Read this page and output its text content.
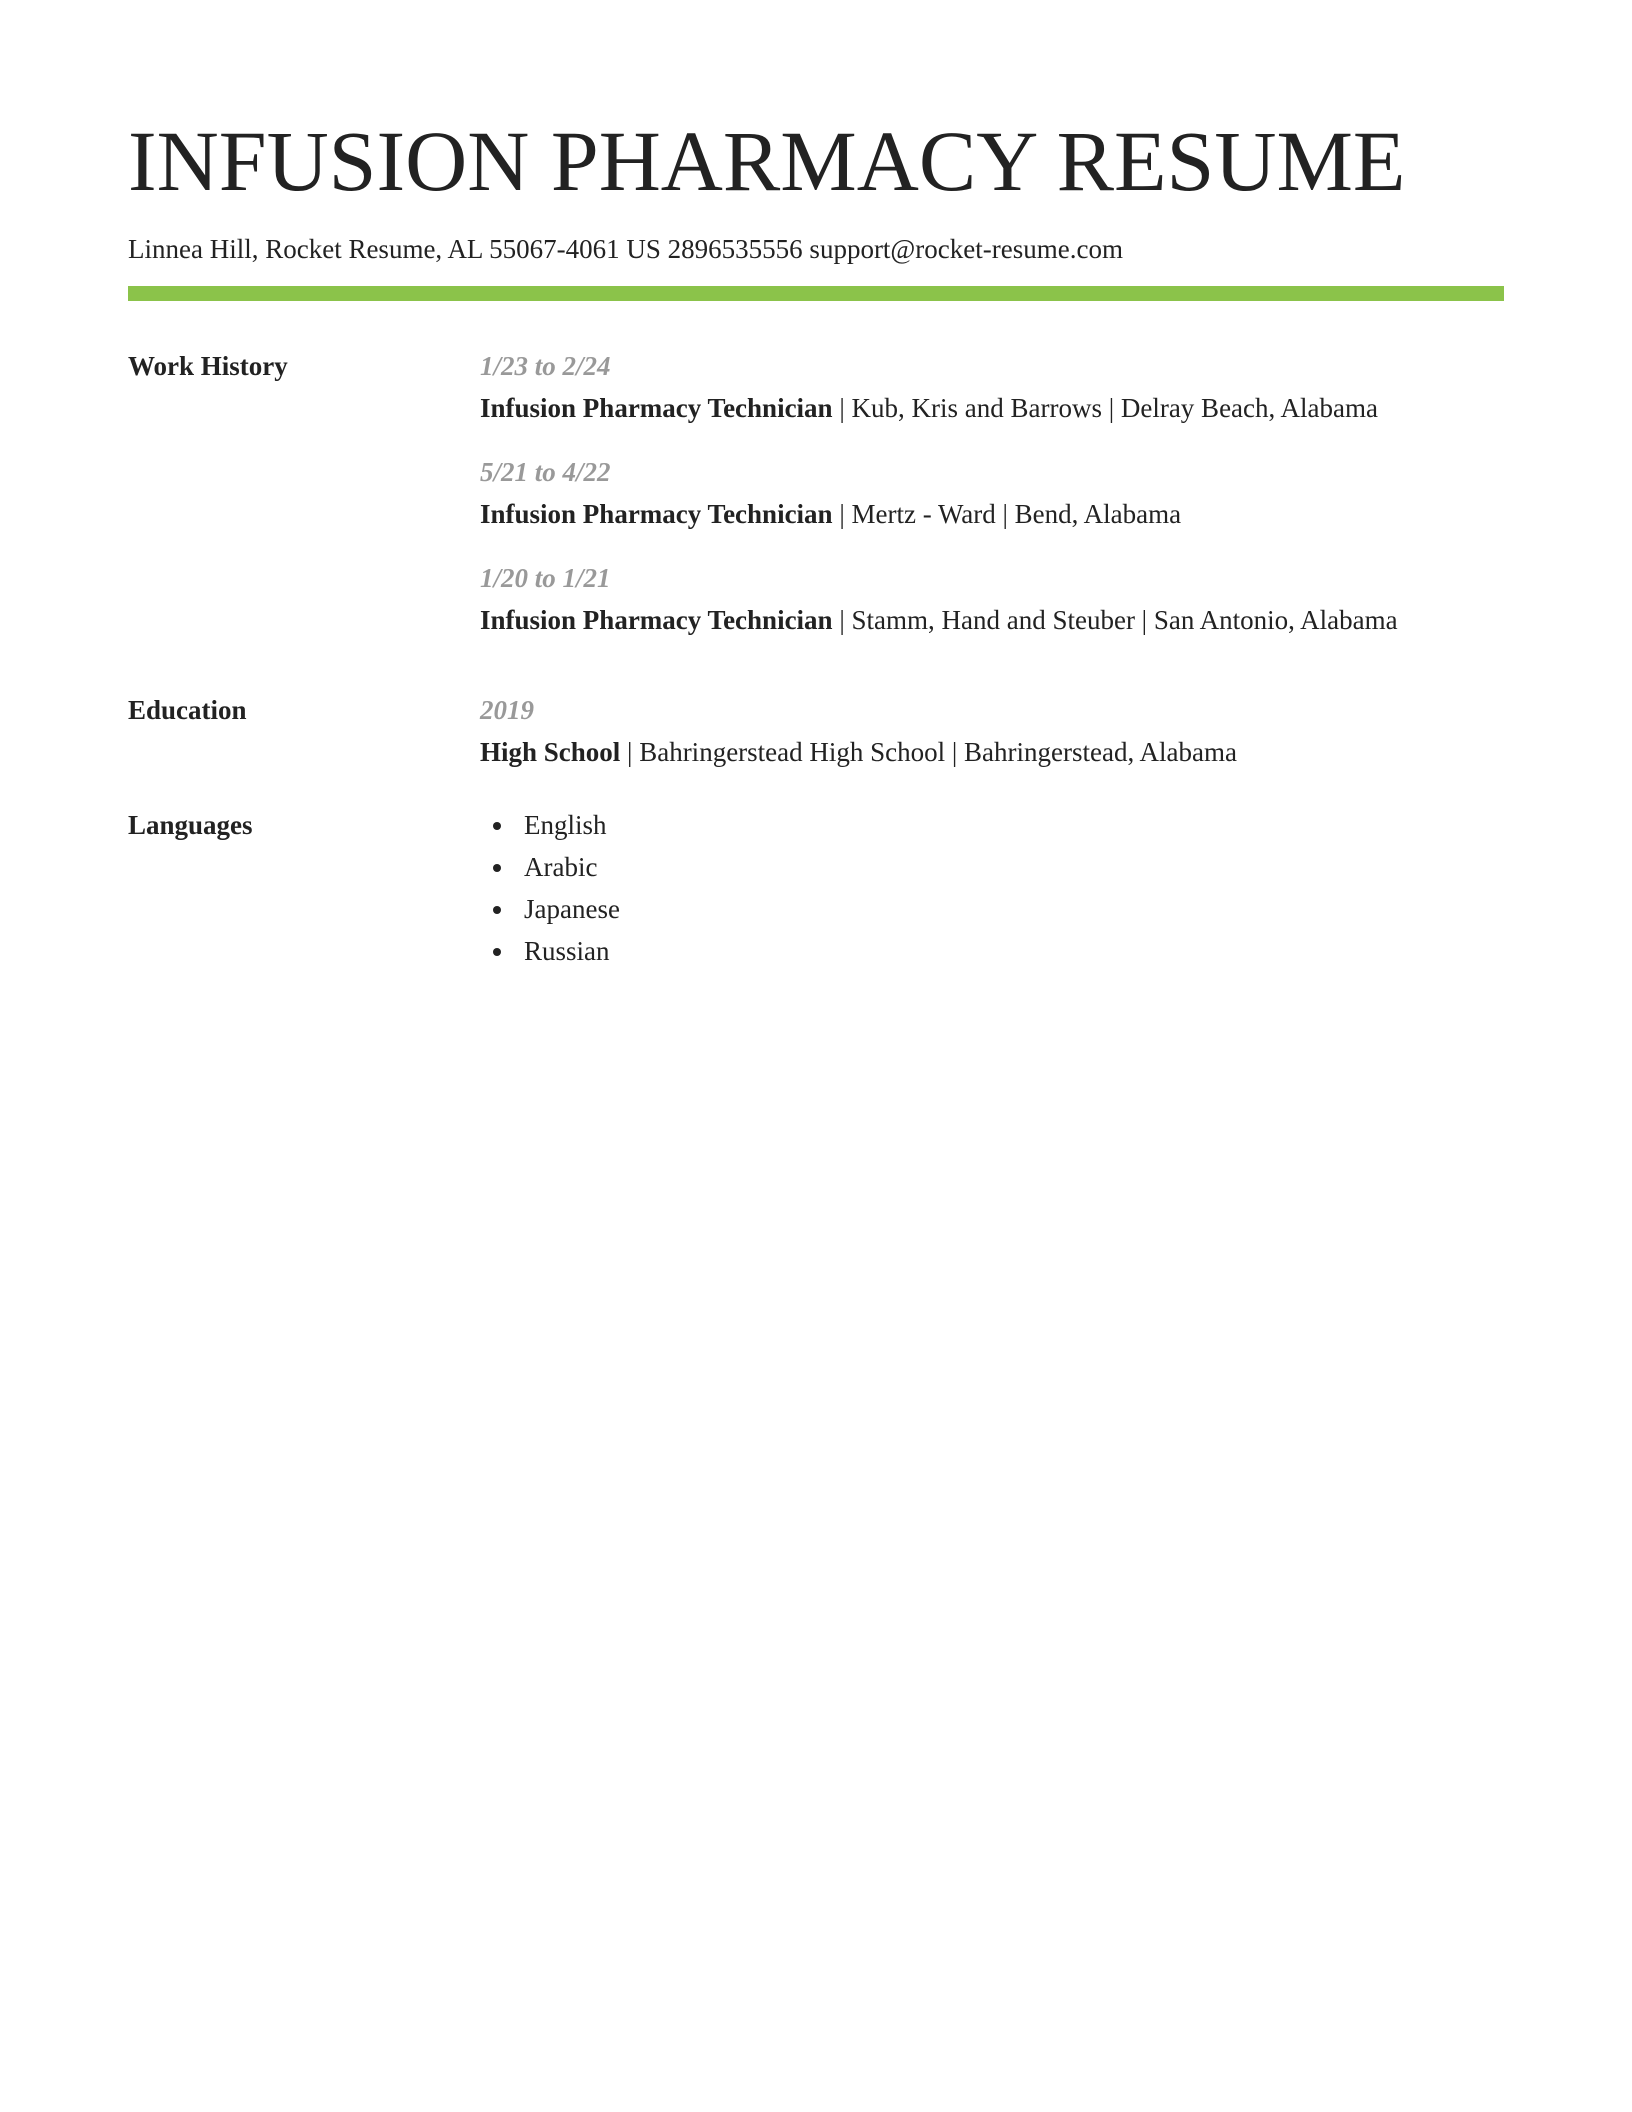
INFUSION PHARMACY RESUME
Linnea Hill, Rocket Resume, AL 55067-4061 US 2896535556 support@rocket-resume.com
Work History	1/23 to 2/24
Infusion Pharmacy Technician | Kub, Kris and Barrows | Delray Beach, Alabama
5/21 to 4/22
Infusion Pharmacy Technician | Mertz - Ward | Bend, Alabama
1/20 to 1/21
Infusion Pharmacy Technician | Stamm, Hand and Steuber | San Antonio, Alabama
Education	2019
High School | Bahringerstead High School | Bahringerstead, Alabama
Languages	English
Arabic
Japanese
Russian
